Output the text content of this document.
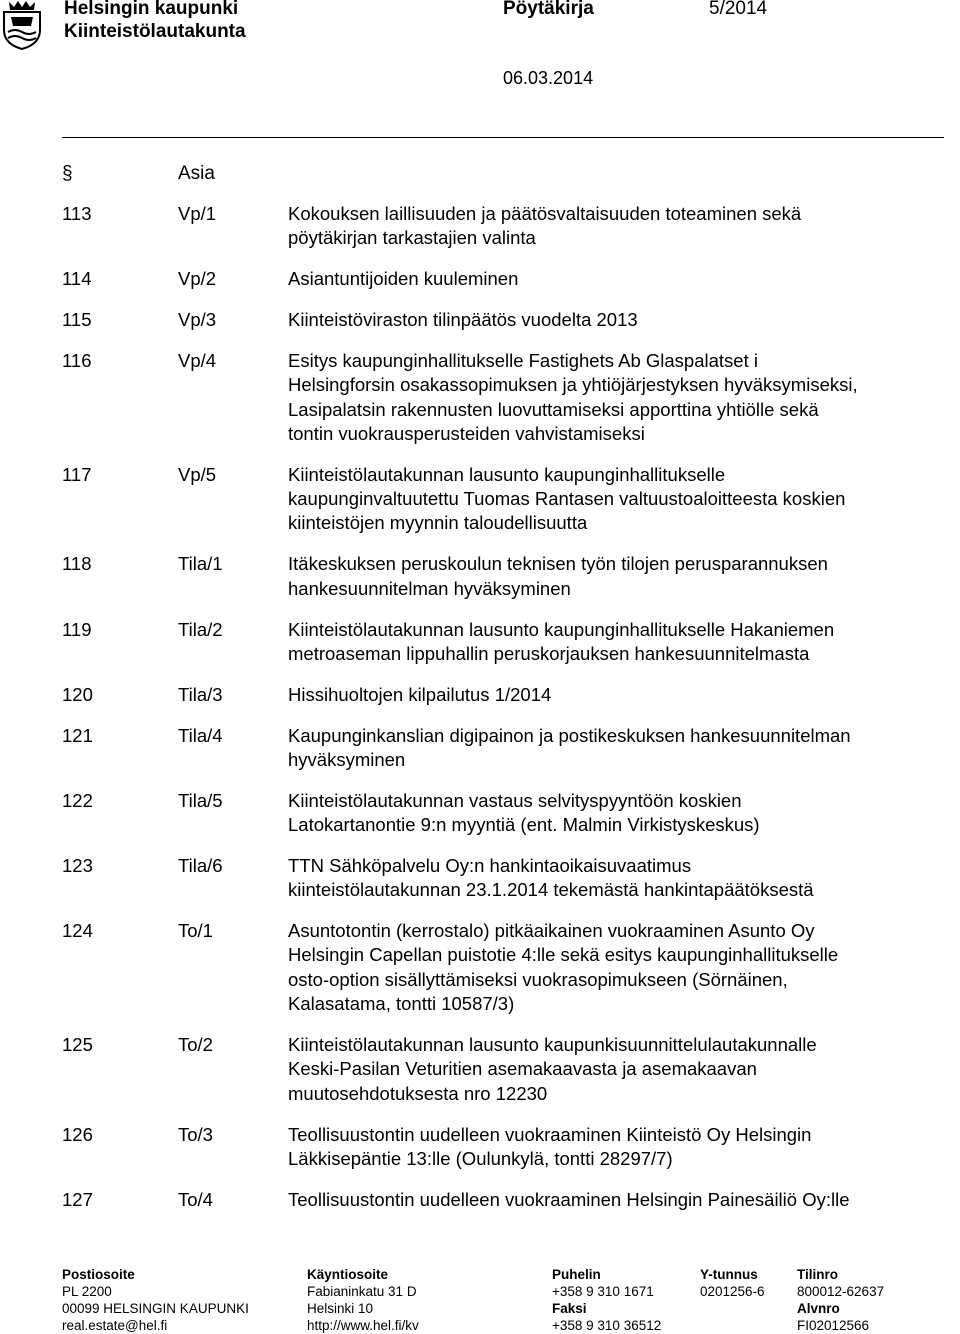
Helsingin kaupunki
Kiinteistölautakunta
Pöytäkirja	5/2014
06.03.2014
§	Asia
113	Vp/1	Kokouksen laillisuuden ja päätösvaltaisuuden toteaminen sekä
pöytäkirjan tarkastajien valinta
114	Vp/2	Asiantuntijoiden kuuleminen
115	Vp/3	Kiinteistöviraston tilinpäätös vuodelta 2013
116	Vp/4	Esitys kaupunginhallitukselle Fastighets Ab Glaspalatset i
Helsingforsin osakassopimuksen ja yhtiöjärjestyksen hyväksymiseksi,
Lasipalatsin rakennusten luovuttamiseksi apporttina yhtiölle sekä
tontin vuokrausperusteiden vahvistamiseksi
117	Vp/5	Kiinteistölautakunnan lausunto kaupunginhallitukselle
kaupunginvaltuutettu Tuomas Rantasen valtuustoaloitteesta koskien
kiinteistöjen myynnin taloudellisuutta
118	Tila/1	Itäkeskuksen peruskoulun teknisen työn tilojen perusparannuksen
hankesuunnitelman hyväksyminen
119	Tila/2	Kiinteistölautakunnan lausunto kaupunginhallitukselle Hakaniemen
metroaseman lippuhallin peruskorjauksen hankesuunnitelmasta
120	Tila/3	Hissihuoltojen kilpailutus 1/2014
121	Tila/4	Kaupunginkanslian digipainon ja postikeskuksen hankesuunnitelman
hyväksyminen
122	Tila/5	Kiinteistölautakunnan vastaus selvityspyyntöön koskien
Latokartanontie 9:n myyntiä (ent. Malmin Virkistyskeskus)
123	Tila/6	TTN Sähköpalvelu Oy:n hankintaoikaisuvaatimus
kiinteistölautakunnan 23.1.2014 tekemästä hankintapäätöksestä
124	To/1	Asuntotontin (kerrostalo) pitkäaikainen vuokraaminen Asunto Oy
Helsingin Capellan puistotie 4:lle sekä esitys kaupunginhallitukselle
osto-option sisällyttämiseksi vuokrasopimukseen (Sörnäinen,
Kalasatama, tontti 10587/3)
125	To/2	Kiinteistölautakunnan lausunto kaupunkisuunnittelulautakunnalle
Keski-Pasilan Veturitien asemakaavasta ja asemakaavan
muutosehdotuksesta nro 12230
126	To/3	Teollisuustontin uudelleen vuokraaminen Kiinteistö Oy Helsingin
Läkkisepäntie 13:lle (Oulunkylä, tontti 28297/7)
127	To/4	Teollisuustontin uudelleen vuokraaminen Helsingin Painesäiliö Oy:lle
Postiosoite
PL 2200
00099 HELSINGIN KAUPUNKI
real.estate@hel.fi
Käyntiosoite
Fabianinkatu 31 D
Helsinki 10
http://www.hel.fi/kv
Puhelin
+358 9 310 1671
Faksi
+358 9 310 36512
Y-tunnus
0201256-6
Tilinro
800012-62637
Alvnro
FI02012566
